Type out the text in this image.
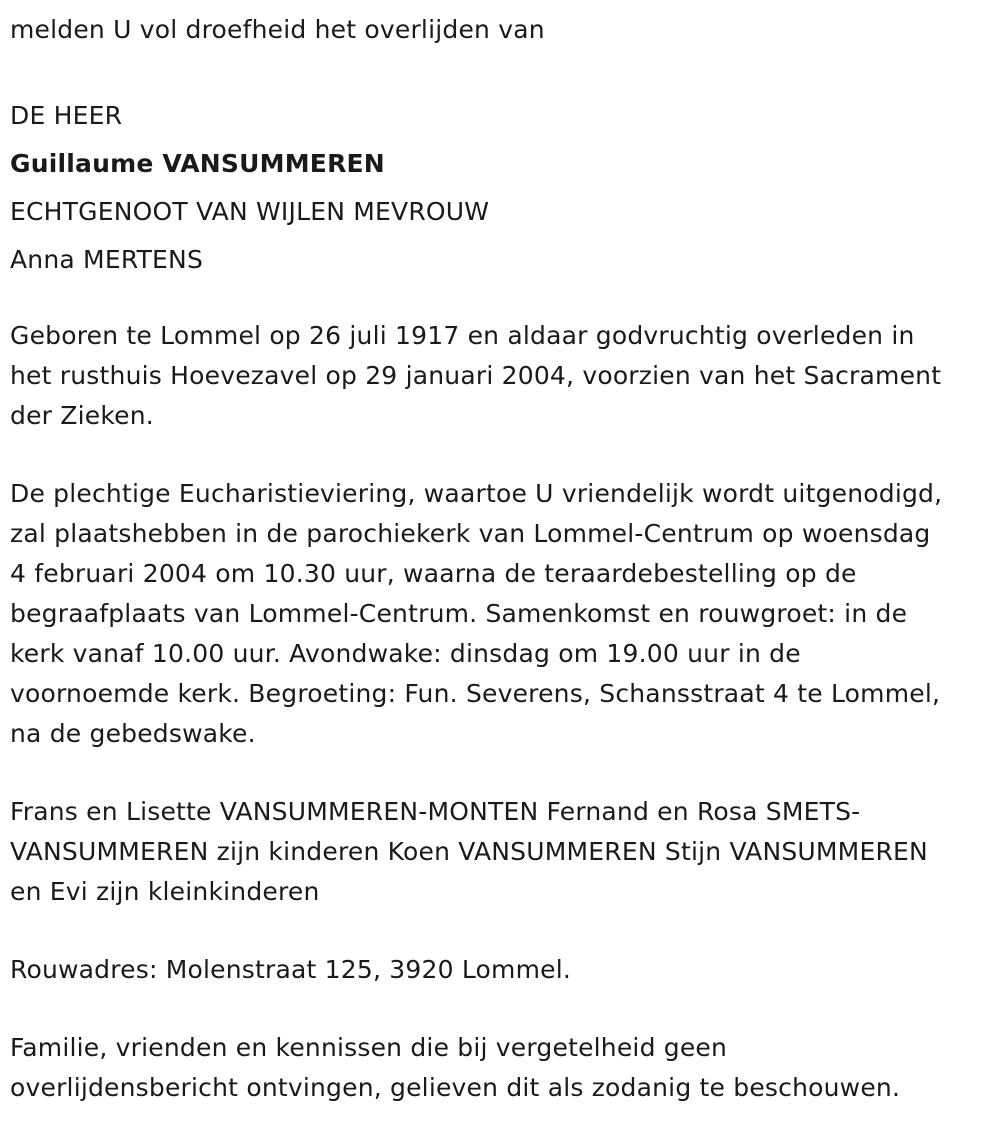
melden U vol droefheid het overlijden van

DE HEER

Guillaume VANSUMMEREN

ECHTGENOOT VAN WIJLEN MEVROUW

Anna MERTENS

Geboren te Lommel op 26 juli 1917 en aldaar godvruchtig overleden in
het rusthuis Hoevezavel op 29 januari 2004, voorzien van het Sacrament
der Zieken.

De plechtige Eucharistieviering, waartoe U vriendelijk wordt uitgenodigd,
zal plaatshebben in de parochiekerk van Lommel-Centrum op woensdag
4 februari 2004 om 10.30 uur, waarna de teraardebestelling op de
begraafplaats van Lommel-Centrum. Samenkomst en rouwgroet: in de
kerk vanaf 10.00 uur. Avondwake: dinsdag om 19.00 uur in de
voornoemde kerk. Begroeting: Fun. Severens, Schansstraat 4 te Lommel,
na de gebedswake.

Frans en Lisette VANSUMMEREN-MONTEN Fernand en Rosa SMETS-
VANSUMMEREN zijn kinderen Koen VANSUMMEREN Stijn VANSUMMEREN
en Evi zijn kleinkinderen

Rouwadres: Molenstraat 125, 3920 Lommel.

Familie, vrienden en kennissen die bij vergetelheid geen
overlijdensbericht ontvingen, gelieven dit als zodanig te beschouwen.
